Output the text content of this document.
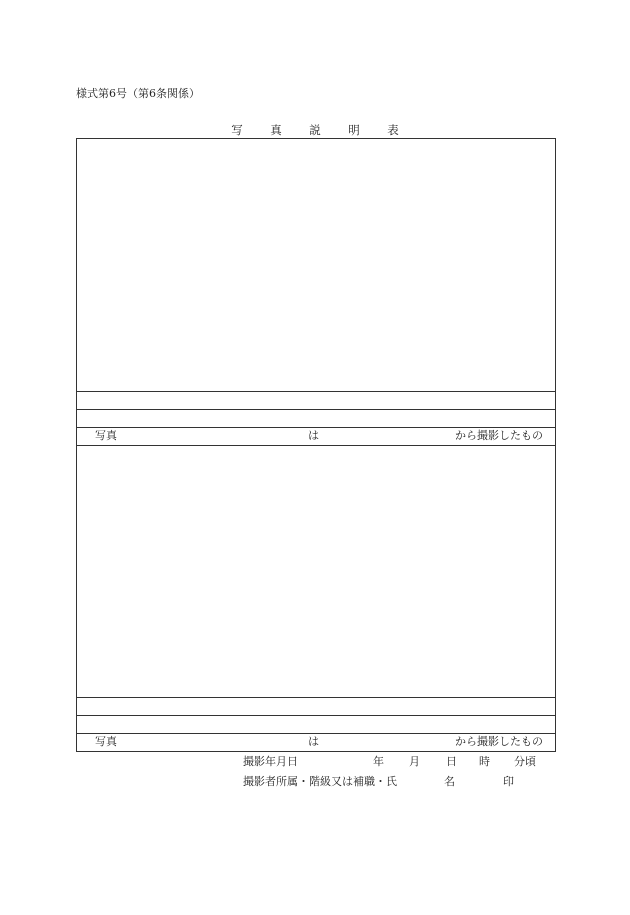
様式第6号（第6条関係）
写 真 説 明 表
写真	は	から撮影したもの
写真	は	から撮影したもの
撮影年月日	年 月 日 時 分頃
撮影者所属・階級又は補職・氏	名	印
